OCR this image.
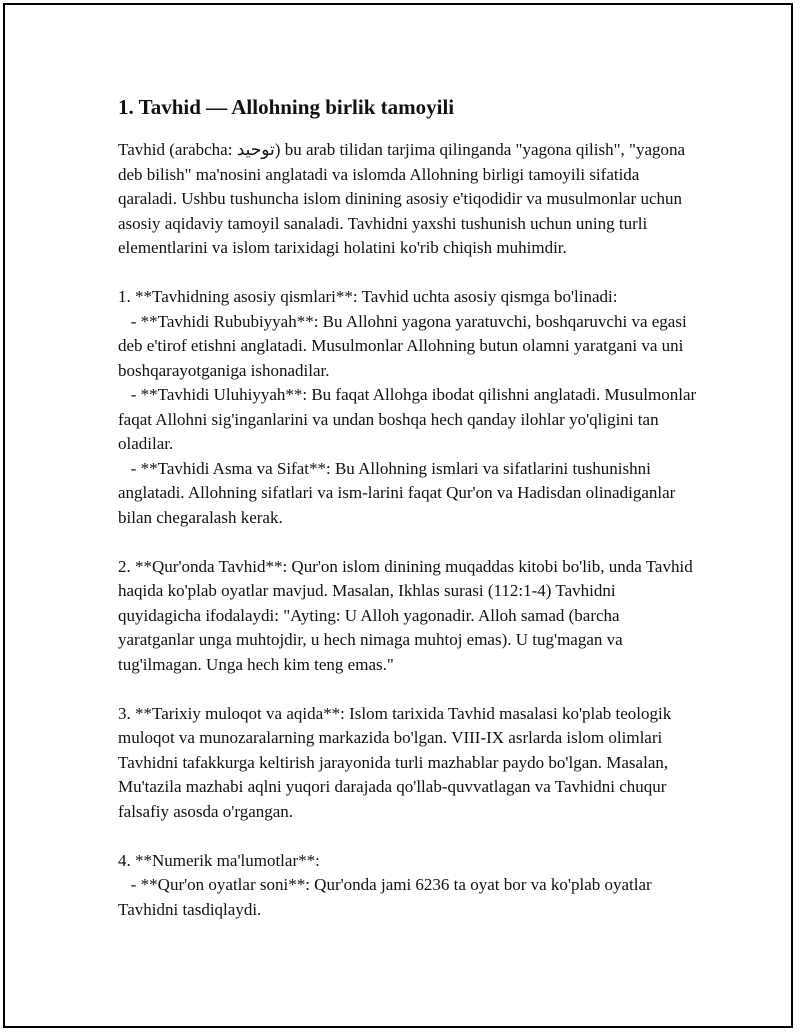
1. Tavhid — Allohning birlik tamoyili

Tavhid (arabcha: توحيد) bu arab tilidan tarjima qilinganda "yagona qilish", "yagona deb bilish" ma'nosini anglatadi va islomda Allohning birligi tamoyili sifatida qaraladi. Ushbu tushuncha islom dinining asosiy e'tiqodidir va musulmonlar uchun asosiy aqidaviy tamoyil sanaladi. Tavhidni yaxshi tushunish uchun uning turli elementlarini va islom tarixidagi holatini ko'rib chiqish muhimdir.

1. **Tavhidning asosiy qismlari**: Tavhid uchta asosiy qismga bo'linadi:
- **Tavhidi Rububiyyah**: Bu Allohni yagona yaratuvchi, boshqaruvchi va egasi deb e'tirof etishni anglatadi. Musulmonlar Allohning butun olamni yaratgani va uni boshqarayotganiga ishonadilar.
- **Tavhidi Uluhiyyah**: Bu faqat Allohga ibodat qilishni anglatadi. Musulmonlar faqat Allohni sig'inganlarini va undan boshqa hech qanday ilohlar yo'qligini tan oladilar.
- **Tavhidi Asma va Sifat**: Bu Allohning ismlari va sifatlarini tushunishni anglatadi. Allohning sifatlari va ism-larini faqat Qur'on va Hadisdan olinadiganlar bilan chegaralash kerak.

2. **Qur'onda Tavhid**: Qur'on islom dinining muqaddas kitobi bo'lib, unda Tavhid haqida ko'plab oyatlar mavjud. Masalan, Ikhlas surasi (112:1-4) Tavhidni quyidagicha ifodalaydi: "Ayting: U Alloh yagonadir. Alloh samad (barcha yaratganlar unga muhtojdir, u hech nimaga muhtoj emas). U tug'magan va tug'ilmagan. Unga hech kim teng emas."

3. **Tarixiy muloqot va aqida**: Islom tarixida Tavhid masalasi ko'plab teologik muloqot va munozaralarning markazida bo'lgan. VIII-IX asrlarda islom olimlari Tavhidni tafakkurga keltirish jarayonida turli mazhablar paydo bo'lgan. Masalan, Mu'tazila mazhabi aqlni yuqori darajada qo'llab-quvvatlagan va Tavhidni chuqur falsafiy asosda o'rgangan.

4. **Numerik ma'lumotlar**:
- **Qur'on oyatlar soni**: Qur'onda jami 6236 ta oyat bor va ko'plab oyatlar Tavhidni tasdiqlaydi.
